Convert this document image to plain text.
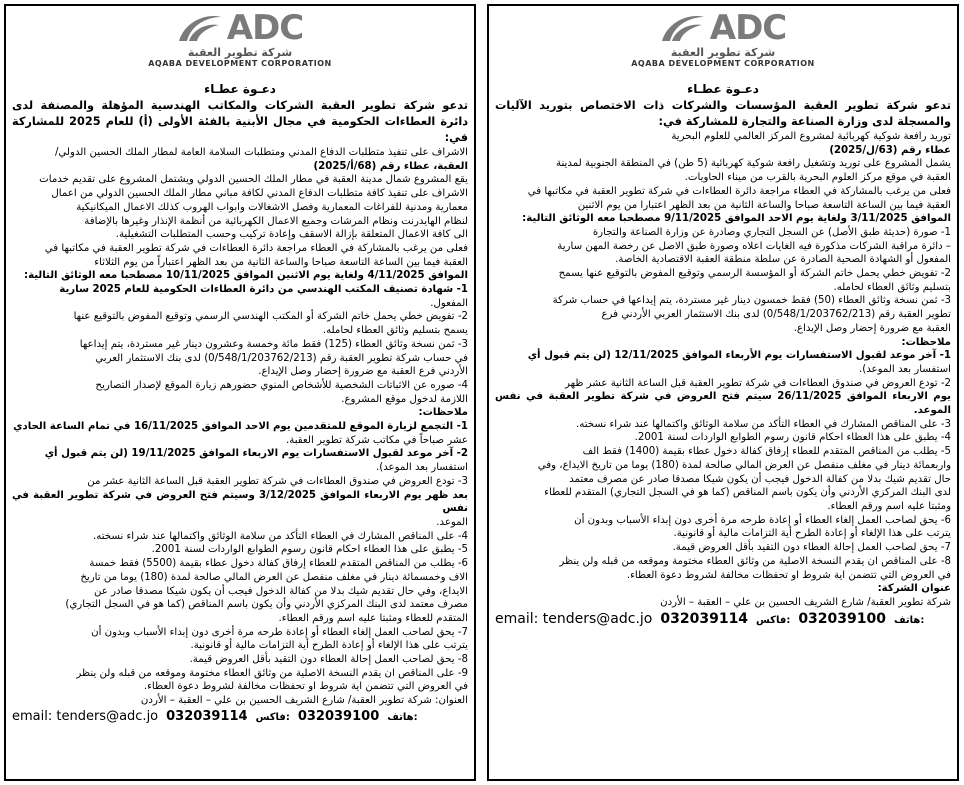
ADC
شركة تطوير العقبة
AQABA DEVELOPMENT CORPORATION
دعـوة عطـاء
تدعو شركة تطوير العقبة الشركات والمكاتب الهندسية المؤهلة والمصنفة لدى دائرة العطاءات الحكومية في مجال الأبنية بالفئة الأولى (أ) للعام 2025 للمشاركة في:

الاشراف على تنفيذ متطلبات الدفاع المدني ومتطلبات السلامة العامة لمطار الملك الحسين الدولي/

العقبة، عطاء رقم (68/أ/2025)

يقع المشروع شمال مدينة العقبة في مطار الملك الحسين الدولي ويشتمل المشروع على تقديم خدمات

الاشراف على تنفيذ كافة متطلبات الدفاع المدني لكافة مباني مطار الملك الحسين الدولي من اعمال

معمارية ومدنية للفراغات المعمارية وفصل الاشغالات وابواب الهروب كذلك الاعمال الميكانيكية

لنظام الهايدرنت ونظام المرشات وجميع الاعمال الكهربائية من أنظمة الإنذار وغيرها بالإضافة

الى كافة الاعمال المتعلقة بإزالة الاسقف وإعادة تركيب وحسب المتطلبات التشغيلية.

فعلى من يرغب بالمشاركة في العطاء مراجعة دائرة العطاءات في شركة تطوير العقبة في مكاتبها في

العقبة فيما بين الساعة التاسعة صباحا والساعة الثانية من بعد الظهر اعتباراً من يوم الثلاثاء

الموافق 4/11/2025 ولغاية يوم الاثنين الموافق 10/11/2025 مصطحبا معه الوثائق التالية:

1- شهادة تصنيف المكتب الهندسي من دائرة العطاءات الحكومية للعام 2025 سارية

المفعول.

2- تفويض خطي يحمل خاتم الشركة أو المكتب الهندسي الرسمي وتوقيع المفوض بالتوقيع عنها

يسمح بتسليم وثائق العطاء لحامله.

3- ثمن نسخة وثائق العطاء (125) فقط مائة وخمسة وعشرون دينار غير مستردة، يتم إيداعها

في حساب شركة تطوير العقبة رقم (0/548/1/203762/213) لدى بنك الاستثمار العربي

الأردني فرع العقبة مع ضرورة إحضار وصل الإيداع.

4- صوره عن الاثباتات الشخصية للأشخاص المنوي حضورهم زيارة الموقع لإصدار التصاريح

اللازمة لدخول موقع المشروع.

ملاحظات:

1- التجمع لزيارة الموقع للمتقدمين يوم الاحد الموافق 16/11/2025 في تمام الساعة الحادي

عشر صباحاً في مكاتب شركة تطوير العقبة.

2- آخر موعد لقبول الاستفسارات يوم الاربعاء الموافق 19/11/2025 (لن يتم قبول أي

استفسار بعد الموعد).

3- تودع العروض في صندوق العطاءات في شركة تطوير العقبة قبل الساعة الثانية عشر من

بعد ظهر يوم الاربعاء الموافق 3/12/2025 وسيتم فتح العروض في شركة تطوير العقبة في نفس

الموعد.

4- على المناقص المشارك في العطاء التأكد من سلامة الوثائق واكتمالها عند شراء نسخته.

5- يطبق على هذا العطاء احكام قانون رسوم الطوابع الواردات لسنة 2001.

6- يطلب من المناقص المتقدم للعطاء إرفاق كفالة دخول عطاء بقيمة (5500) فقط خمسة

الاف وخمسمائة دينار في مغلف منفصل عن العرض المالي صالحة لمدة (180) يوما من تاريخ

الايداع، وفي حال تقديم شيك بدلا من كفالة الدخول فيجب أن يكون شيكا مصدقا صادر عن

مصرف معتمد لدى البنك المركزي الأردني وأن يكون باسم المناقص (كما هو في السجل التجاري)

المتقدم للعطاء ومثبتا عليه اسم ورقم العطاء.

7- يحق لصاحب العمل إلغاء العطاء أو إعادة طرحه مرة أخرى دون إبداء الأسباب وبدون أن

يترتب على هذا الإلغاء أو إعادة الطرح أية التزامات مالية أو قانونية.

8- يحق لصاحب العمل إحالة العطاء دون التقيد بأقل العروض قيمة.

9- على المناقص ان يقدم النسخة الاصلية من وثائق العطاء مختومة وموقعه من قبله ولن ينظر

في العروض التي تتضمن اية شروط او تحفظات مخالفة لشروط دعوة العطاء.

العنوان: شركة تطوير العقبة/ شارع الشريف الحسين بن علي – العقبة – الأردن

email: tenders@adc.jo 032039114 فاكس: 032039100 هاتف:
ADC
شركة تطوير العقبة
AQABA DEVELOPMENT CORPORATION
دعـوة عطـاء
تدعو شركة تطوير العقبة المؤسسات والشركات ذات الاختصاص بتوريد الآليات والمسجلة لدى وزارة الصناعة والتجارة للمشاركة في:

توريد رافعة شوكية كهربائية لمشروع المركز العالمي للعلوم البحرية

عطاء رقم (63/ل/2025)

يشمل المشروع على توريد وتشغيل رافعة شوكية كهربائية (5 طن) في المنطقة الجنوبية لمدينة

العقبة في موقع مركز العلوم البحرية بالقرب من ميناء الحاويات.

فعلى من يرغب بالمشاركة في العطاء مراجعة دائرة العطاءات في شركة تطوير العقبة في مكاتبها في

العقبة فيما بين الساعة التاسعة صباحا والساعة الثانية من بعد الظهر اعتبارا من يوم الاثنين

الموافق 3/11/2025 ولغاية يوم الاحد الموافق 9/11/2025 مصطحبا معه الوثائق التالية:

1- صورة (حديثة طبق الأصل) عن السجل التجاري وصادرة عن وزارة الصناعة والتجارة

– دائرة مراقبة الشركات مذكورة فيه الغايات اعلاه وصورة طبق الاصل عن رخصة المهن سارية

المفعول أو الشهادة الصحية الصادرة عن سلطة منطقة العقبة الاقتصادية الخاصة.

2- تفويض خطي يحمل خاتم الشركة أو المؤسسة الرسمي وتوقيع المفوض بالتوقيع عنها يسمح

بتسليم وثائق العطاء لحامله.

3- ثمن نسخة وثائق العطاء (50) فقط خمسون دينار غير مستردة، يتم إيداعها في حساب شركة

تطوير العقبة رقم (0/548/1/203762/213) لدى بنك الاستثمار العربي الأردني فرع

العقبة مع ضرورة إحضار وصل الإيداع.

ملاحظات:

1- آخر موعد لقبول الاستفسارات يوم الأربعاء الموافق 12/11/2025 (لن يتم قبول أي

استفسار بعد الموعد).

2- تودع العروض في صندوق العطاءات في شركة تطوير العقبة قبل الساعة الثانية عشر ظهر

يوم الاربعاء الموافق 26/11/2025 سيتم فتح العروض في شركة تطوير العقبة في نفس الموعد.

3- على المناقص المشارك في العطاء التأكد من سلامة الوثائق واكتمالها عند شراء نسخته.

4- يطبق على هذا العطاء احكام قانون رسوم الطوابع الواردات لسنة 2001.

5- يطلب من المناقص المتقدم للعطاء إرفاق كفالة دخول عطاء بقيمة (1400) فقط الف

واربعمائة دينار في مغلف منفصل عن العرض المالي صالحة لمدة (180) يوما من تاريخ الايداع، وفي

حال تقديم شيك بدلا من كفالة الدخول فيجب أن يكون شيكا مصدقا صادر عن مصرف معتمد

لدى البنك المركزي الأردني وأن يكون باسم المناقص (كما هو في السجل التجاري) المتقدم للعطاء

ومثبتا عليه اسم ورقم العطاء.

6- يحق لصاحب العمل إلغاء العطاء أو إعادة طرحه مرة أخرى دون إبداء الأسباب وبدون أن

يترتب على هذا الإلغاء أو إعادة الطرح أية التزامات مالية أو قانونية.

7- يحق لصاحب العمل إحالة العطاء دون التقيد بأقل العروض قيمة.

8- على المناقص ان يقدم النسخة الاصلية من وثائق العطاء مختومة وموقعه من قبله ولن ينظر

في العروض التي تتضمن اية شروط او تحفظات مخالفة لشروط دعوة العطاء.

عنوان الشركة:

شركة تطوير العقبة/ شارع الشريف الحسين بن علي – العقبة – الأردن

email: tenders@adc.jo 032039114 فاكس: 032039100 هاتف:
